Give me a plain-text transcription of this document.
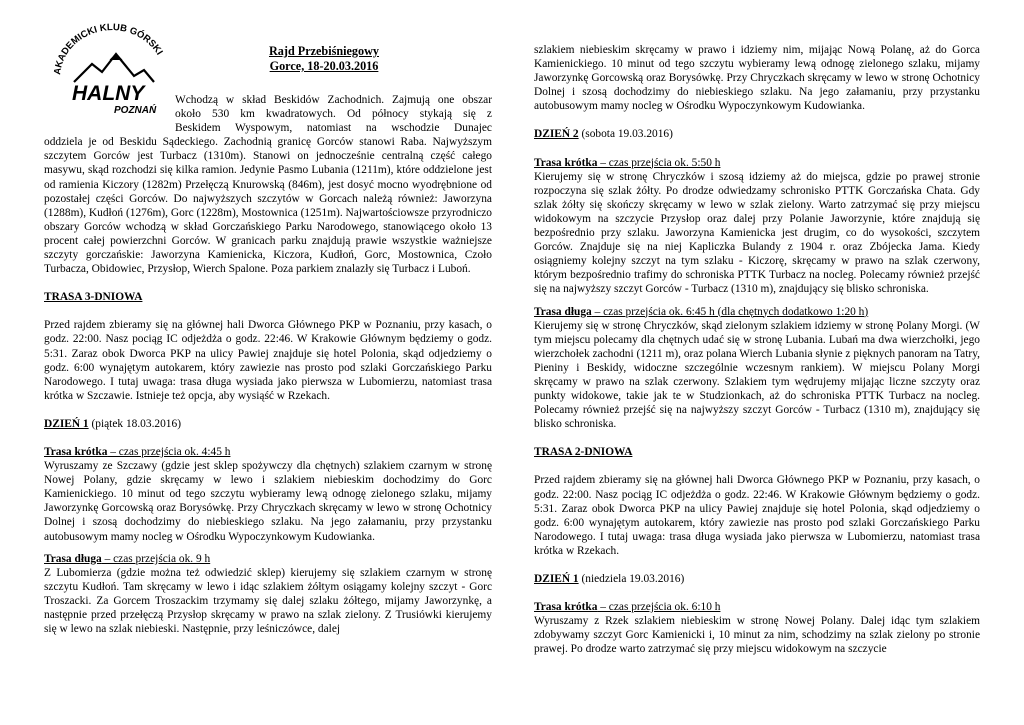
AKADEMICKI KLUB GÓRSKI
HALNY
POZNAŃ
Rajd Przebiśniegowy
Gorce, 18-20.03.2016

Wchodzą w skład Beskidów Zachodnich. Zajmują one obszar

około 530 km kwadratowych. Od północy stykają się z

Beskidem Wyspowym, natomiast na wschodzie Dunajec

oddziela je od Beskidu Sądeckiego. Zachodnią granicę Gorców stanowi Raba. Najwyższym szczytem Gorców jest Turbacz (1310m). Stanowi on jednocześnie centralną część całego masywu, skąd rozchodzi się kilka ramion. Jedynie Pasmo Lubania (1211m), które oddzielone jest od ramienia Kiczory (1282m) Przełęczą Knurowską (846m), jest dosyć mocno wyodrębnione od pozostałej części Gorców. Do najwyższych szczytów w Gorcach należą również: Jaworzyna (1288m), Kudłoń (1276m), Gorc (1228m), Mostownica (1251m). Najwartościowsze przyrodniczo obszary Gorców wchodzą w skład Gorczańskiego Parku Narodowego, stanowiącego około 13 procent całej powierzchni Gorców. W granicach parku znajdują prawie wszystkie ważniejsze szczyty gorczańskie: Jaworzyna Kamienicka, Kiczora, Kudłoń, Gorc, Mostownica, Czoło Turbacza, Obidowiec, Przysłop, Wierch Spalone. Poza parkiem znalazły się Turbacz i Luboń.

TRASA 3-DNIOWA

Przed rajdem zbieramy się na głównej hali Dworca Głównego PKP w Poznaniu, przy kasach, o godz. 22:00. Nasz pociąg IC odjeżdża o godz. 22:46. W Krakowie Głównym będziemy o godz. 5:31. Zaraz obok Dworca PKP na ulicy Pawiej znajduje się hotel Polonia, skąd odjedziemy o godz. 6:00 wynajętym autokarem, który zawiezie nas prosto pod szlaki Gorczańskiego Parku Narodowego. I tutaj uwaga: trasa długa wysiada jako pierwsza w Lubomierzu, natomiast trasa krótka w Szczawie. Istnieje też opcja, aby wysiąść w Rzekach.

DZIEŃ 1 (piątek 18.03.2016)

Trasa krótka – czas przejścia ok. 4:45 h

Wyruszamy ze Szczawy (gdzie jest sklep spożywczy dla chętnych) szlakiem czarnym w stronę Nowej Polany, gdzie skręcamy w lewo i szlakiem niebieskim dochodzimy do Gorc Kamienickiego. 10 minut od tego szczytu wybieramy lewą odnogę zielonego szlaku, mijamy Jaworzynkę Gorcowską oraz Borysówkę. Przy Chryczkach skręcamy w lewo w stronę Ochotnicy Dolnej i szosą dochodzimy do niebieskiego szlaku. Na jego załamaniu, przy przystanku autobusowym mamy nocleg w Ośrodku Wypoczynkowym Kudowianka.

Trasa długa – czas przejścia ok. 9 h

Z Lubomierza (gdzie można też odwiedzić sklep) kierujemy się szlakiem czarnym w stronę szczytu Kudłoń. Tam skręcamy w lewo i idąc szlakiem żółtym osiągamy kolejny szczyt - Gorc Troszacki. Za Gorcem Troszackim trzymamy się dalej szlaku żółtego, mijamy Jaworzynkę, a następnie przed przełęczą Przysłop skręcamy w prawo na szlak zielony. Z Trusiówki kierujemy się w lewo na szlak niebieski. Następnie, przy leśniczówce, dalej

szlakiem niebieskim skręcamy w prawo i idziemy nim, mijając Nową Polanę, aż do Gorca Kamienickiego. 10 minut od tego szczytu wybieramy lewą odnogę zielonego szlaku, mijamy Jaworzynkę Gorcowską oraz Borysówkę. Przy Chryczkach skręcamy w lewo w stronę Ochotnicy Dolnej i szosą dochodzimy do niebieskiego szlaku. Na jego załamaniu, przy przystanku autobusowym mamy nocleg w Ośrodku Wypoczynkowym Kudowianka.

DZIEŃ 2 (sobota 19.03.2016)

Trasa krótka – czas przejścia ok. 5:50 h

Kierujemy się w stronę Chryczków i szosą idziemy aż do miejsca, gdzie po prawej stronie rozpoczyna się szlak żółty. Po drodze odwiedzamy schronisko PTTK Gorczańska Chata. Gdy szlak żółty się skończy skręcamy w lewo w szlak zielony. Warto zatrzymać się przy miejscu widokowym na szczycie Przysłop oraz dalej przy Polanie Jaworzynie, które znajdują się bezpośrednio przy szlaku. Jaworzyna Kamienicka jest drugim, co do wysokości, szczytem Gorców. Znajduje się na niej Kapliczka Bulandy z 1904 r. oraz Zbójecka Jama. Kiedy osiągniemy kolejny szczyt na tym szlaku - Kiczorę, skręcamy w prawo na szlak czerwony, którym bezpośrednio trafimy do schroniska PTTK Turbacz na nocleg. Polecamy również przejść się na najwyższy szczyt Gorców - Turbacz (1310 m), znajdujący się blisko schroniska.

Trasa długa – czas przejścia ok. 6:45 h (dla chętnych dodatkowo 1:20 h)

Kierujemy się w stronę Chryczków, skąd zielonym szlakiem idziemy w stronę Polany Morgi. (W tym miejscu polecamy dla chętnych udać się w stronę Lubania. Lubań ma dwa wierzchołki, jego wierzchołek zachodni (1211 m), oraz polana Wierch Lubania słynie z pięknych panoram na Tatry, Pieniny i Beskidy, widoczne szczególnie wczesnym rankiem). W miejscu Polany Morgi skręcamy w prawo na szlak czerwony. Szlakiem tym wędrujemy mijając liczne szczyty oraz punkty widokowe, takie jak te w Studzionkach, aż do schroniska PTTK Turbacz na nocleg. Polecamy również przejść się na najwyższy szczyt Gorców - Turbacz (1310 m), znajdujący się blisko schroniska.

TRASA 2-DNIOWA

Przed rajdem zbieramy się na głównej hali Dworca Głównego PKP w Poznaniu, przy kasach, o godz. 22:00. Nasz pociąg IC odjeżdża o godz. 22:46. W Krakowie Głównym będziemy o godz. 5:31. Zaraz obok Dworca PKP na ulicy Pawiej znajduje się hotel Polonia, skąd odjedziemy o godz. 6:00 wynajętym autokarem, który zawiezie nas prosto pod szlaki Gorczańskiego Parku Narodowego. I tutaj uwaga: trasa długa wysiada jako pierwsza w Lubomierzu, natomiast trasa krótka w Rzekach.

DZIEŃ 1 (niedziela 19.03.2016)

Trasa krótka – czas przejścia ok. 6:10 h

Wyruszamy z Rzek szlakiem niebieskim w stronę Nowej Polany. Dalej idąc tym szlakiem zdobywamy szczyt Gorc Kamienicki i, 10 minut za nim, schodzimy na szlak zielony po stronie prawej. Po drodze warto zatrzymać się przy miejscu widokowym na szczycie
